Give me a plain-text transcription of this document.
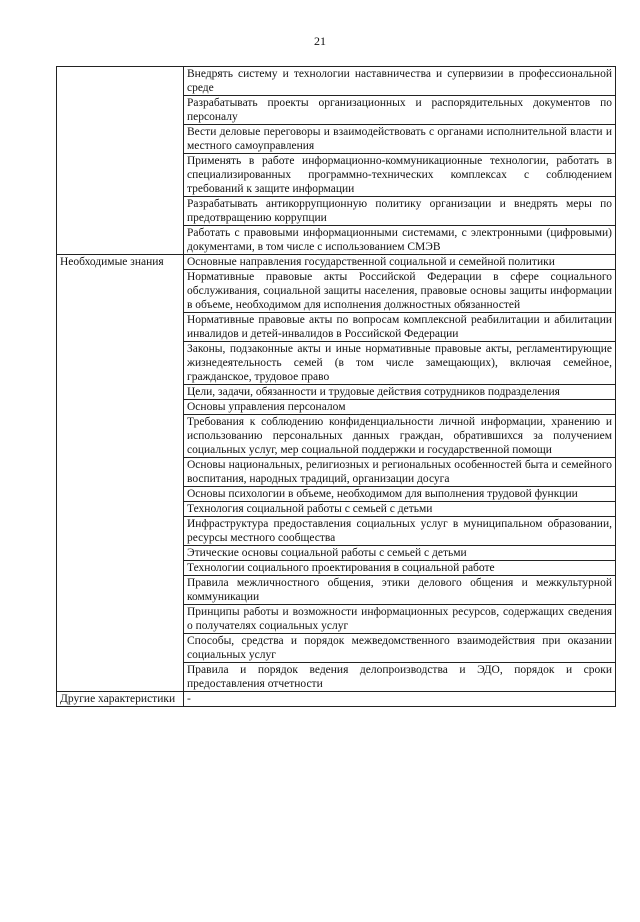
21
	Внедрять систему и технологии наставничества и супервизии в профессиональной среде
	Разрабатывать проекты организационных и распорядительных документов по персоналу
	Вести деловые переговоры и взаимодействовать с органами исполнительной власти и местного самоуправления
	Применять в работе информационно-коммуникационные технологии, работать в специализированных программно-технических комплексах с соблюдением требований к защите информации
	Разрабатывать антикоррупционную политику организации и внедрять меры по предотвращению коррупции
	Работать с правовыми информационными системами, с электронными (цифровыми) документами, в том числе с использованием СМЭВ
Необходимые знания	Основные направления государственной социальной и семейной политики
	Нормативные правовые акты Российской Федерации в сфере социального обслуживания, социальной защиты населения, правовые основы защиты информации в объеме, необходимом для исполнения должностных обязанностей
	Нормативные правовые акты по вопросам комплексной реабилитации и абилитации инвалидов и детей-инвалидов в Российской Федерации
	Законы, подзаконные акты и иные нормативные правовые акты, регламентирующие жизнедеятельность семей (в том числе замещающих), включая семейное, гражданское, трудовое право
	Цели, задачи, обязанности и трудовые действия сотрудников подразделения
	Основы управления персоналом
	Требования к соблюдению конфиденциальности личной информации, хранению и использованию персональных данных граждан, обратившихся за получением социальных услуг, мер социальной поддержки и государственной помощи
	Основы национальных, религиозных и региональных особенностей быта и семейного воспитания, народных традиций, организации досуга
	Основы психологии в объеме, необходимом для выполнения трудовой функции
	Технология социальной работы с семьей с детьми
	Инфраструктура предоставления социальных услуг в муниципальном образовании, ресурсы местного сообщества
	Этические основы социальной работы с семьей с детьми
	Технологии социального проектирования в социальной работе
	Правила межличностного общения, этики делового общения и межкультурной коммуникации
	Принципы работы и возможности информационных ресурсов, содержащих сведения о получателях социальных услуг
	Способы, средства и порядок межведомственного взаимодействия при оказании социальных услуг
	Правила и порядок ведения делопроизводства и ЭДО, порядок и сроки предоставления отчетности
Другие характеристики	-
